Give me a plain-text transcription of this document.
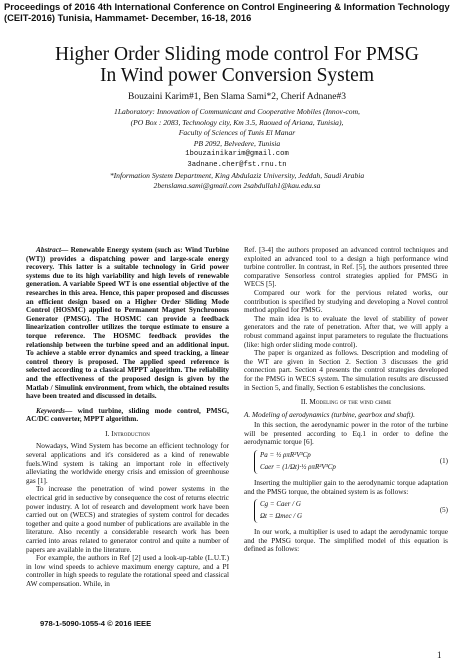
Proceedings of 2016 4th International Conference on Control Engineering & Information Technology
(CEIT-2016) Tunisia, Hammamet- December, 16-18, 2016
Higher Order Sliding mode control For PMSG
In Wind power Conversion System
Bouzaini Karim#1, Ben Slama Sami*2, Cherif Adnane#3
1Laboratory: Innovation of Communicant and Cooperative Mobiles (Innov-com,
(PO Box : 2083, Technology city, Km 3.5, Raoued of Ariana, Tunisia),
Faculty of Sciences of Tunis El Manar
PB 2092, Belvedere, Tunisia
1bouzainikarim@gmail.com
3adnane.cher@fst.rnu.tn
*Information System Department, King Abdulaziz University, Jeddah, Saudi Arabia
2benslama.sami@gmail.com 2sabdullah1@kau.edu.sa

Abstract— Renewable Energy system (such as: Wind Turbine (WT)) provides a dispatching power and large-scale energy recovery. This latter is a suitable technology in Grid power systems due to its high variability and high levels of renewable generation. A variable Speed WT is one essential objective of the researches in this area. Hence, this paper proposed and discusses an efficient design based on a Higher Order Sliding Mode Control (HOSMC) applied to Permanent Magnet Synchronous Generator (PMSG). The HOSMC can provide a feedback linearization controller utilizes the torque estimate to ensure a torque reference. The HOSMC feedback provides the relationship between the turbine speed and an additional input. To achieve a stable error dynamics and speed tracking, a linear control theory is proposed. The applied speed reference is selected according to a classical MPPT algorithm. The reliability and the effectiveness of the proposed design is given by the Matlab / Simulink environment, from which, the obtained results have been treated and discussed in details.

Keywords— wind turbine, sliding mode control, PMSG, AC/DC converter, MPPT algorithm.

I. Introduction

Nowadays, Wind System has become an efficient technology for several applications and it's considered as a kind of renewable fuels.Wind system is taking an important role in effectively alleviating the worldwide energy crisis and emission of greenhouse gas [1].

To increase the penetration of wind power systems in the electrical grid in seductive by consequence the cost of returns electric power industry. A lot of research and development work have been carried out on (WECS) and strategies of system control for decades together and quite a good number of publications are available in the literature. Also recently a considerable research work has been carried into areas related to generator control and quite a number of papers are available in the literature.

For example, the authors in Ref [2] used a look-up-table (L.U.T.) in low wind speeds to achieve maximum energy capture, and a PI controller in high speeds to regulate the rotational speed and classical AW compensation. While, in

Ref. [3-4] the authors proposed an advanced control techniques and exploited an advanced tool to a design a high performance wind turbine controller. In contrast, in Ref. [5], the authors presented three comparative Sensorless control strategies applied for PMSG in WECS [5].

Compared our work for the pervious related works, our contribution is specified by studying and developing a Novel control method applied for PMSG.

The main idea is to evaluate the level of stability of power generators and the rate of penetration. After that, we will apply a robust command against input parameters to regulate the fluctuations (like: high order sliding mode control).

The paper is organized as follows. Description and modeling of the WT are given in Section 2. Section 3 discusses the grid connection part. Section 4 presents the control strategies developed for the PMSG in WECS system. The simulation results are discussed in Section 5, and finally, Section 6 establishes the conclusions.

II. Modeling of the wind chime
A. Modeling of aerodynamics (turbine, gearbox and shaft).

In this section, the aerodynamic power in the rotor of the turbine will be presented according to Eq.1 in order to define the aerodynamic torque [6].

Pa = ½ ρπR²V³Cp
Caer = (1/Ωt)·½ ρπR²V³Cp
(1)

Inserting the multiplier gain to the aerodynamic torque adaptation and the PMSG torque, the obtained system is as follows:

Cg = Caer / G
Ωt = Ωmec / G
(5)

In our work, a multiplier is used to adapt the aerodynamic torque and the PMSG torque. The simplified model of this equation is defined as follows:

978-1-5090-1055-4 © 2016 IEEE
1
